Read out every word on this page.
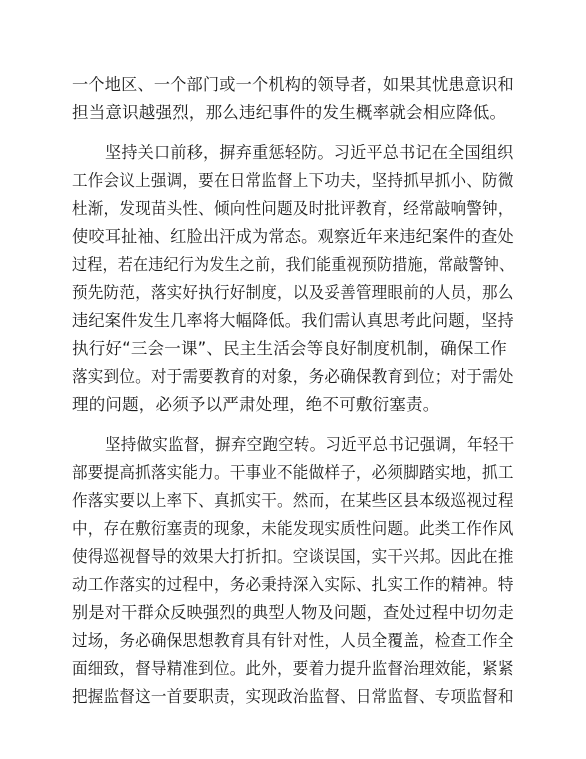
一个地区、一个部门或一个机构的领导者，如果其忧患意识和
担当意识越强烈，那么违纪事件的发生概率就会相应降低。
坚持关口前移，摒弃重惩轻防。习近平总书记在全国组织
工作会议上强调，要在日常监督上下功夫，坚持抓早抓小、防微
杜渐，发现苗头性、倾向性问题及时批评教育，经常敲响警钟，
使咬耳扯袖、红脸出汗成为常态。观察近年来违纪案件的查处
过程，若在违纪行为发生之前，我们能重视预防措施，常敲警钟、
预先防范，落实好执行好制度，以及妥善管理眼前的人员，那么
违纪案件发生几率将大幅降低。我们需认真思考此问题，坚持
执行好“三会一课”、民主生活会等良好制度机制，确保工作
落实到位。对于需要教育的对象，务必确保教育到位；对于需处
理的问题，必须予以严肃处理，绝不可敷衍塞责。
坚持做实监督，摒弃空跑空转。习近平总书记强调，年轻干
部要提高抓落实能力。干事业不能做样子，必须脚踏实地，抓工
作落实要以上率下、真抓实干。然而，在某些区县本级巡视过程
中，存在敷衍塞责的现象，未能发现实质性问题。此类工作作风
使得巡视督导的效果大打折扣。空谈误国，实干兴邦。因此在推
动工作落实的过程中，务必秉持深入实际、扎实工作的精神。特
别是对干群众反映强烈的典型人物及问题，查处过程中切勿走
过场，务必确保思想教育具有针对性，人员全覆盖，检查工作全
面细致，督导精准到位。此外，要着力提升监督治理效能，紧紧
把握监督这一首要职责，实现政治监督、日常监督、专项监督和
